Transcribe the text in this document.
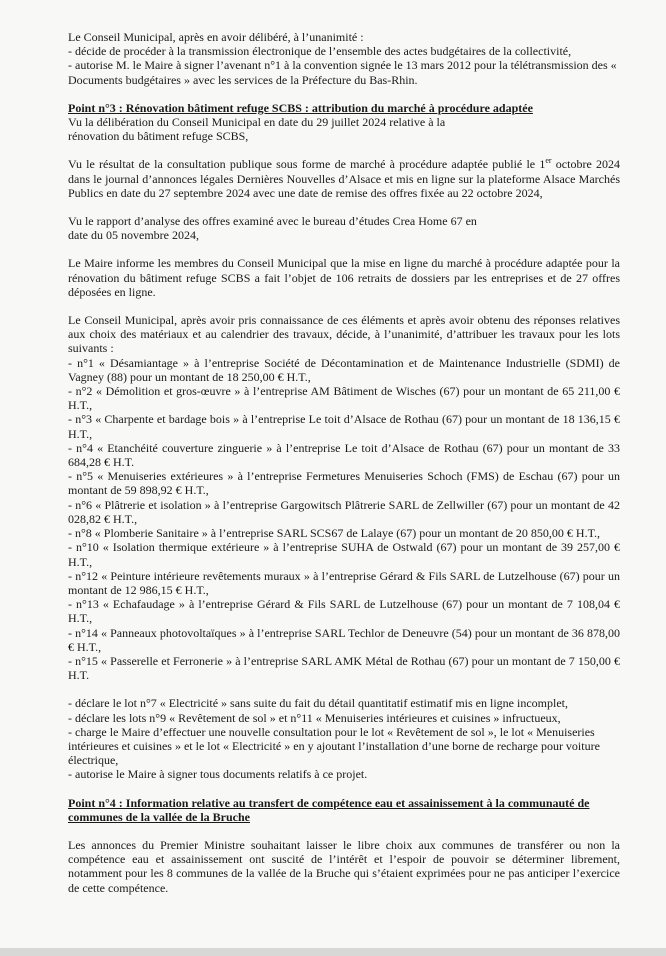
Le Conseil Municipal, après en avoir délibéré, à l’unanimité :

- décide de procéder à la transmission électronique de l’ensemble des actes budgétaires de la collectivité,

- autorise M. le Maire à signer l’avenant n°1 à la convention signée le 13 mars 2012 pour la télétransmission des « Documents budgétaires » avec les services de la Préfecture du Bas-Rhin.

Point n°3 : Rénovation bâtiment refuge SCBS : attribution du marché à procédure adaptée

Vu la délibération du Conseil Municipal en date du 29 juillet 2024 relative à la

rénovation du bâtiment refuge SCBS,

Vu le résultat de la consultation publique sous forme de marché à procédure adaptée publié le 1er octobre 2024 dans le journal d’annonces légales Dernières Nouvelles d’Alsace et mis en ligne sur la plateforme Alsace Marchés Publics en date du 27 septembre 2024 avec une date de remise des offres fixée au 22 octobre 2024,

Vu le rapport d’analyse des offres examiné avec le bureau d’études Crea Home 67 en

date du 05 novembre 2024,

Le Maire informe les membres du Conseil Municipal que la mise en ligne du marché à procédure adaptée pour la rénovation du bâtiment refuge SCBS a fait l’objet de 106 retraits de dossiers par les entreprises et de 27 offres déposées en ligne.

Le Conseil Municipal, après avoir pris connaissance de ces éléments et après avoir obtenu des réponses relatives aux choix des matériaux et au calendrier des travaux, décide, à l’unanimité, d’attribuer les travaux pour les lots suivants :

- n°1 « Désamiantage » à l’entreprise Société de Décontamination et de Maintenance Industrielle (SDMI) de Vagney (88) pour un montant de 18 250,00 € H.T.,

- n°2 « Démolition et gros-œuvre » à l’entreprise AM Bâtiment de Wisches (67) pour un montant de 65 211,00 € H.T.,

- n°3 « Charpente et bardage bois » à l’entreprise Le toit d’Alsace de Rothau (67) pour un montant de 18 136,15 € H.T.,

- n°4 « Etanchéité couverture zinguerie » à l’entreprise Le toit d’Alsace de Rothau (67) pour un montant de 33 684,28 € H.T.

- n°5 « Menuiseries extérieures » à l’entreprise Fermetures Menuiseries Schoch (FMS) de Eschau (67) pour un montant de 59 898,92 € H.T.,

- n°6 « Plâtrerie et isolation » à l’entreprise Gargowitsch Plâtrerie SARL de Zellwiller (67) pour un montant de 42 028,82 € H.T.,

- n°8 « Plomberie Sanitaire » à l’entreprise SARL SCS67 de Lalaye (67) pour un montant de 20 850,00 € H.T.,

- n°10 « Isolation thermique extérieure » à l’entreprise SUHA de Ostwald (67) pour un montant de 39 257,00 € H.T.,

- n°12 « Peinture intérieure revêtements muraux » à l’entreprise Gérard & Fils SARL de Lutzelhouse (67) pour un montant de 12 986,15 € H.T.,

- n°13 « Echafaudage » à l’entreprise Gérard & Fils SARL de Lutzelhouse (67) pour un montant de 7 108,04 € H.T.,

- n°14 « Panneaux photovoltaïques » à l’entreprise SARL Techlor de Deneuvre (54) pour un montant de 36 878,00 € H.T.,

- n°15 « Passerelle et Ferronerie » à l’entreprise SARL AMK Métal de Rothau (67) pour un montant de 7 150,00 € H.T.

- déclare le lot n°7 « Electricité » sans suite du fait du détail quantitatif estimatif mis en ligne incomplet,

- déclare les lots n°9 « Revêtement de sol » et n°11 « Menuiseries intérieures et cuisines » infructueux,

- charge le Maire d’effectuer une nouvelle consultation pour le lot « Revêtement de sol », le lot « Menuiseries intérieures et cuisines » et le lot « Electricité » en y ajoutant l’installation d’une borne de recharge pour voiture électrique,

- autorise le Maire à signer tous documents relatifs à ce projet.

Point n°4 : Information relative au transfert de compétence eau et assainissement à la communauté de communes de la vallée de la Bruche

Les annonces du Premier Ministre souhaitant laisser le libre choix aux communes de transférer ou non la compétence eau et assainissement ont suscité de l’intérêt et l’espoir de pouvoir se déterminer librement, notamment pour les 8 communes de la vallée de la Bruche qui s’étaient exprimées pour ne pas anticiper l’exercice de cette compétence.
